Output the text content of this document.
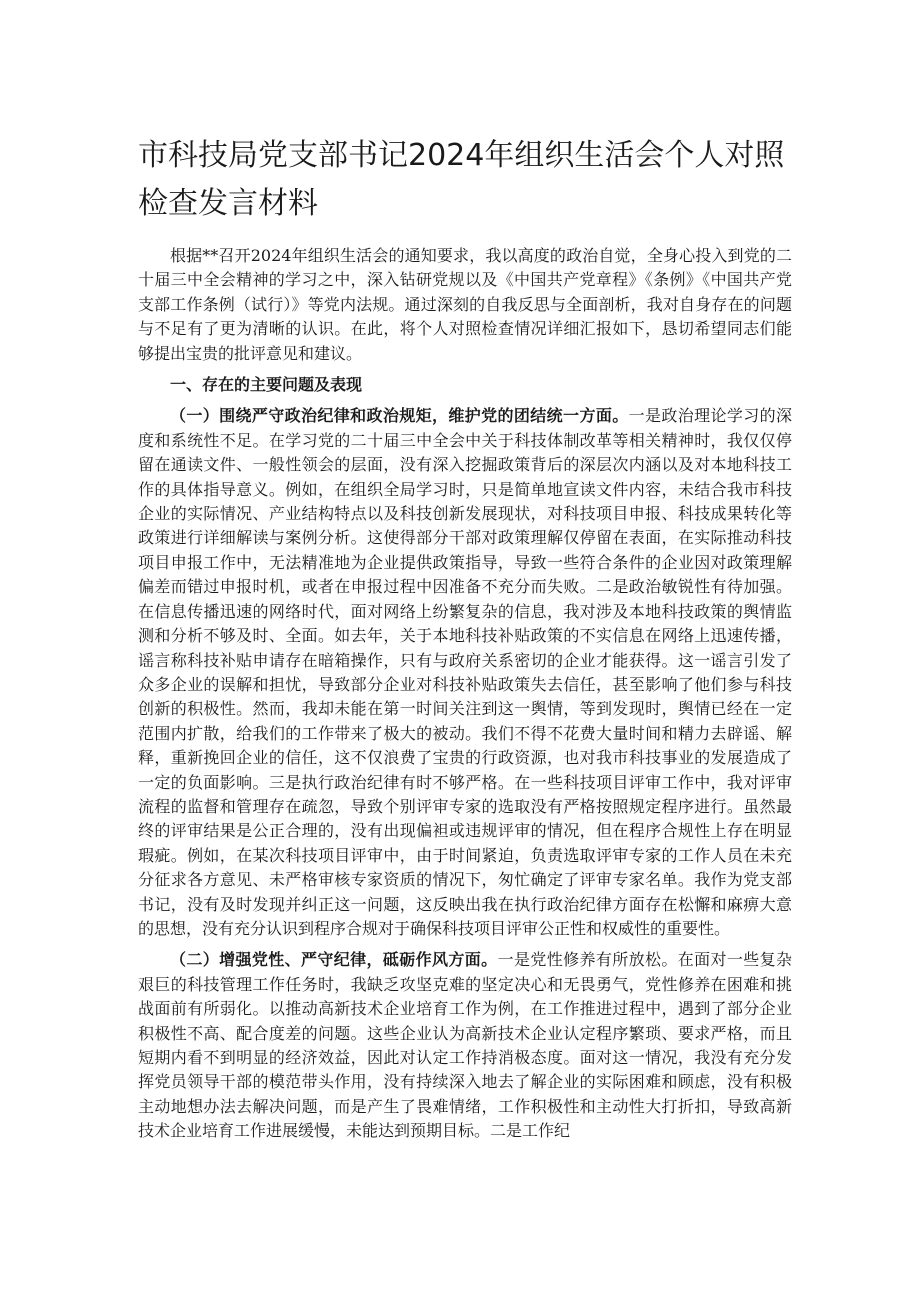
市科技局党支部书记2024年组织生活会个人对照检查发言材料

根据**召开2024年组织生活会的通知要求，我以高度的政治自觉，全身心投入到党的二十届三中全会精神的学习之中，深入钻研党规以及《中国共产党章程》《条例》《中国共产党支部工作条例（试行）》等党内法规。通过深刻的自我反思与全面剖析，我对自身存在的问题与不足有了更为清晰的认识。在此，将个人对照检查情况详细汇报如下，恳切希望同志们能够提出宝贵的批评意见和建议。

一、存在的主要问题及表现

（一）围绕严守政治纪律和政治规矩，维护党的团结统一方面。一是政治理论学习的深度和系统性不足。在学习党的二十届三中全会中关于科技体制改革等相关精神时，我仅仅停留在通读文件、一般性领会的层面，没有深入挖掘政策背后的深层次内涵以及对本地科技工作的具体指导意义。例如，在组织全局学习时，只是简单地宣读文件内容，未结合我市科技企业的实际情况、产业结构特点以及科技创新发展现状，对科技项目申报、科技成果转化等政策进行详细解读与案例分析。这使得部分干部对政策理解仅停留在表面，在实际推动科技项目申报工作中，无法精准地为企业提供政策指导，导致一些符合条件的企业因对政策理解偏差而错过申报时机，或者在申报过程中因准备不充分而失败。二是政治敏锐性有待加强。在信息传播迅速的网络时代，面对网络上纷繁复杂的信息，我对涉及本地科技政策的舆情监测和分析不够及时、全面。如去年，关于本地科技补贴政策的不实信息在网络上迅速传播，谣言称科技补贴申请存在暗箱操作，只有与政府关系密切的企业才能获得。这一谣言引发了众多企业的误解和担忧，导致部分企业对科技补贴政策失去信任，甚至影响了他们参与科技创新的积极性。然而，我却未能在第一时间关注到这一舆情，等到发现时，舆情已经在一定范围内扩散，给我们的工作带来了极大的被动。我们不得不花费大量时间和精力去辟谣、解释，重新挽回企业的信任，这不仅浪费了宝贵的行政资源，也对我市科技事业的发展造成了一定的负面影响。三是执行政治纪律有时不够严格。在一些科技项目评审工作中，我对评审流程的监督和管理存在疏忽，导致个别评审专家的选取没有严格按照规定程序进行。虽然最终的评审结果是公正合理的，没有出现偏袒或违规评审的情况，但在程序合规性上存在明显瑕疵。例如，在某次科技项目评审中，由于时间紧迫，负责选取评审专家的工作人员在未充分征求各方意见、未严格审核专家资质的情况下，匆忙确定了评审专家名单。我作为党支部书记，没有及时发现并纠正这一问题，这反映出我在执行政治纪律方面存在松懈和麻痹大意的思想，没有充分认识到程序合规对于确保科技项目评审公正性和权威性的重要性。

（二）增强党性、严守纪律，砥砺作风方面。一是党性修养有所放松。在面对一些复杂艰巨的科技管理工作任务时，我缺乏攻坚克难的坚定决心和无畏勇气，党性修养在困难和挑战面前有所弱化。以推动高新技术企业培育工作为例，在工作推进过程中，遇到了部分企业积极性不高、配合度差的问题。这些企业认为高新技术企业认定程序繁琐、要求严格，而且短期内看不到明显的经济效益，因此对认定工作持消极态度。面对这一情况，我没有充分发挥党员领导干部的模范带头作用，没有持续深入地去了解企业的实际困难和顾虑，没有积极主动地想办法去解决问题，而是产生了畏难情绪，工作积极性和主动性大打折扣，导致高新技术企业培育工作进展缓慢，未能达到预期目标。二是工作纪
